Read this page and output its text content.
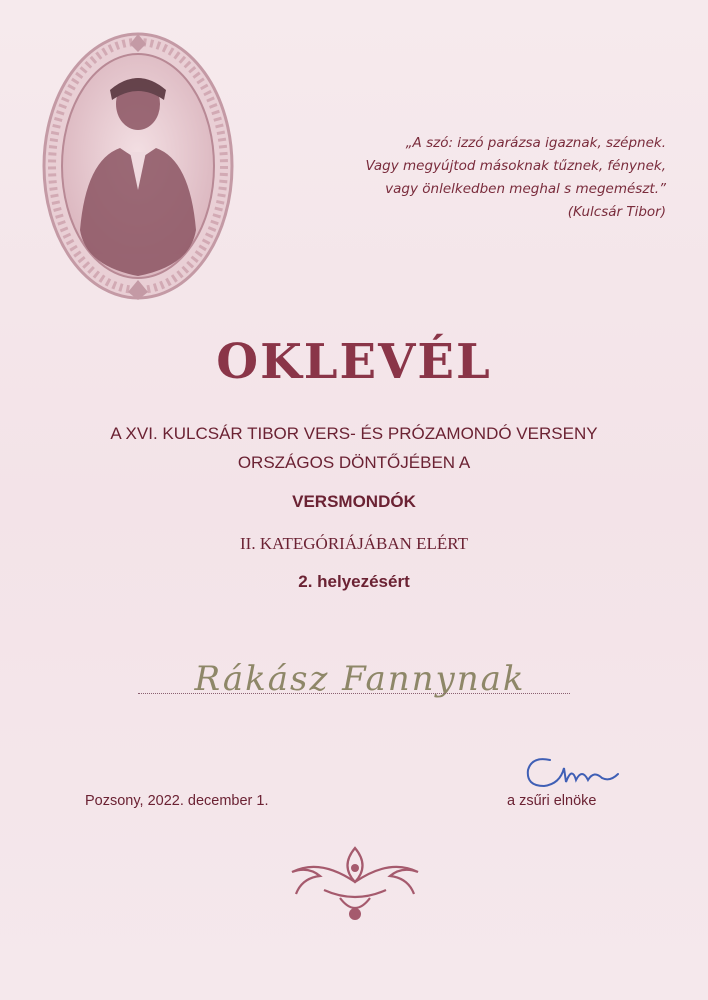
„A szó: izzó parázsa igaznak, szépnek.
Vagy megyújtod másoknak tűznek, fénynek,
vagy önlelkedben meghal s megemészt.”
(Kulcsár Tibor)
OKLEVÉL
A XVI. KULCSÁR TIBOR VERS- ÉS PRÓZAMONDÓ VERSENY
ORSZÁGOS DÖNTŐJÉBEN A
VERSMONDÓK
II. KATEGÓRIÁJÁBAN ELÉRT
2. helyezésért
Rákász Fannynak
Pozsony, 2022. december 1.	a zsűri elnöke
